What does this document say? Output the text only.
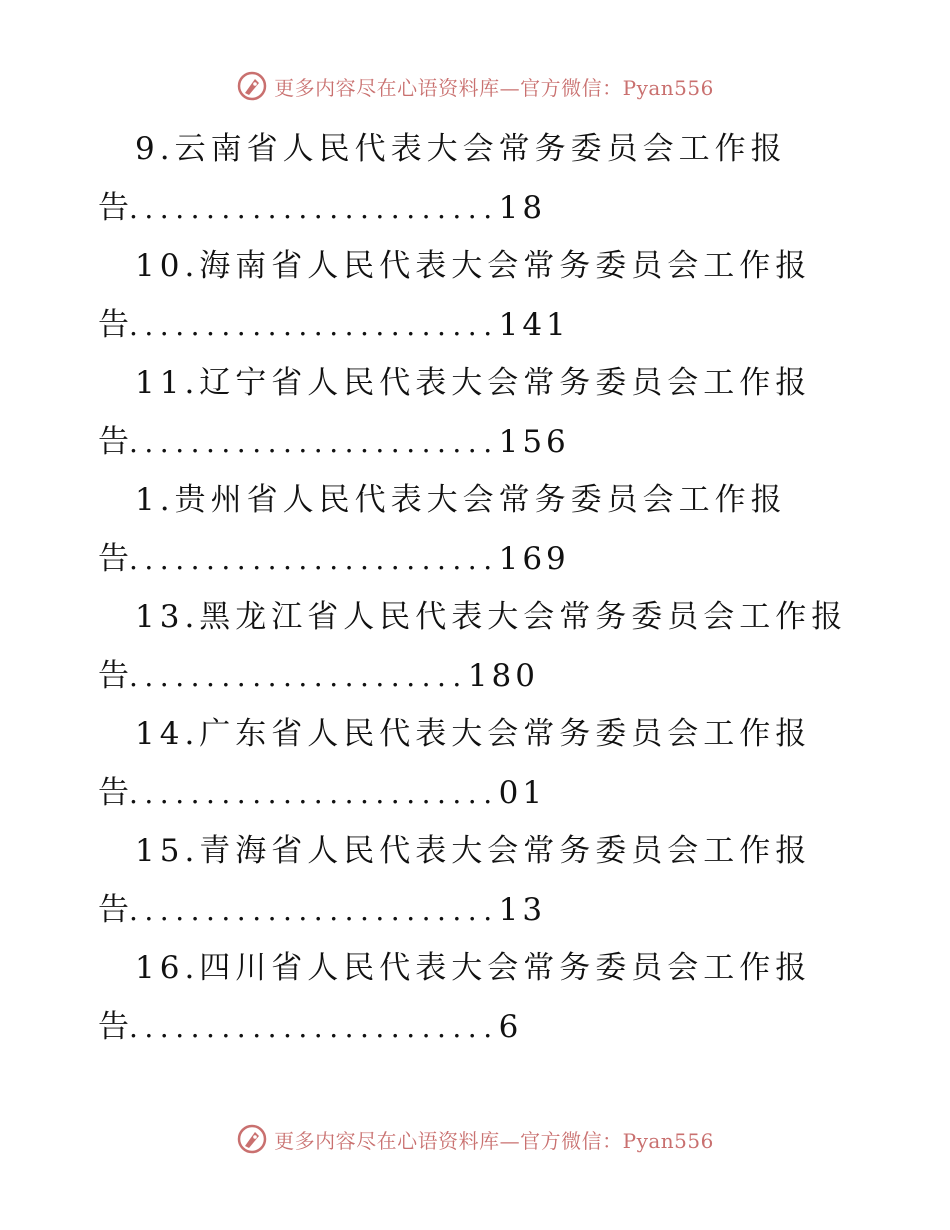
更多内容尽在心语资料库—官方微信：Pyan556
9.云南省人民代表大会常务委员会工作报
告 ........................ 18
10.海南省人民代表大会常务委员会工作报
告 ........................ 141
11.辽宁省人民代表大会常务委员会工作报
告 ........................ 156
1.贵州省人民代表大会常务委员会工作报
告 ........................ 169
13.黑龙江省人民代表大会常务委员会工作报
告 ...................... 180
14.广东省人民代表大会常务委员会工作报
告 ........................ 01
15.青海省人民代表大会常务委员会工作报
告 ........................ 13
16.四川省人民代表大会常务委员会工作报
告 ........................ 6
更多内容尽在心语资料库—官方微信：Pyan556
